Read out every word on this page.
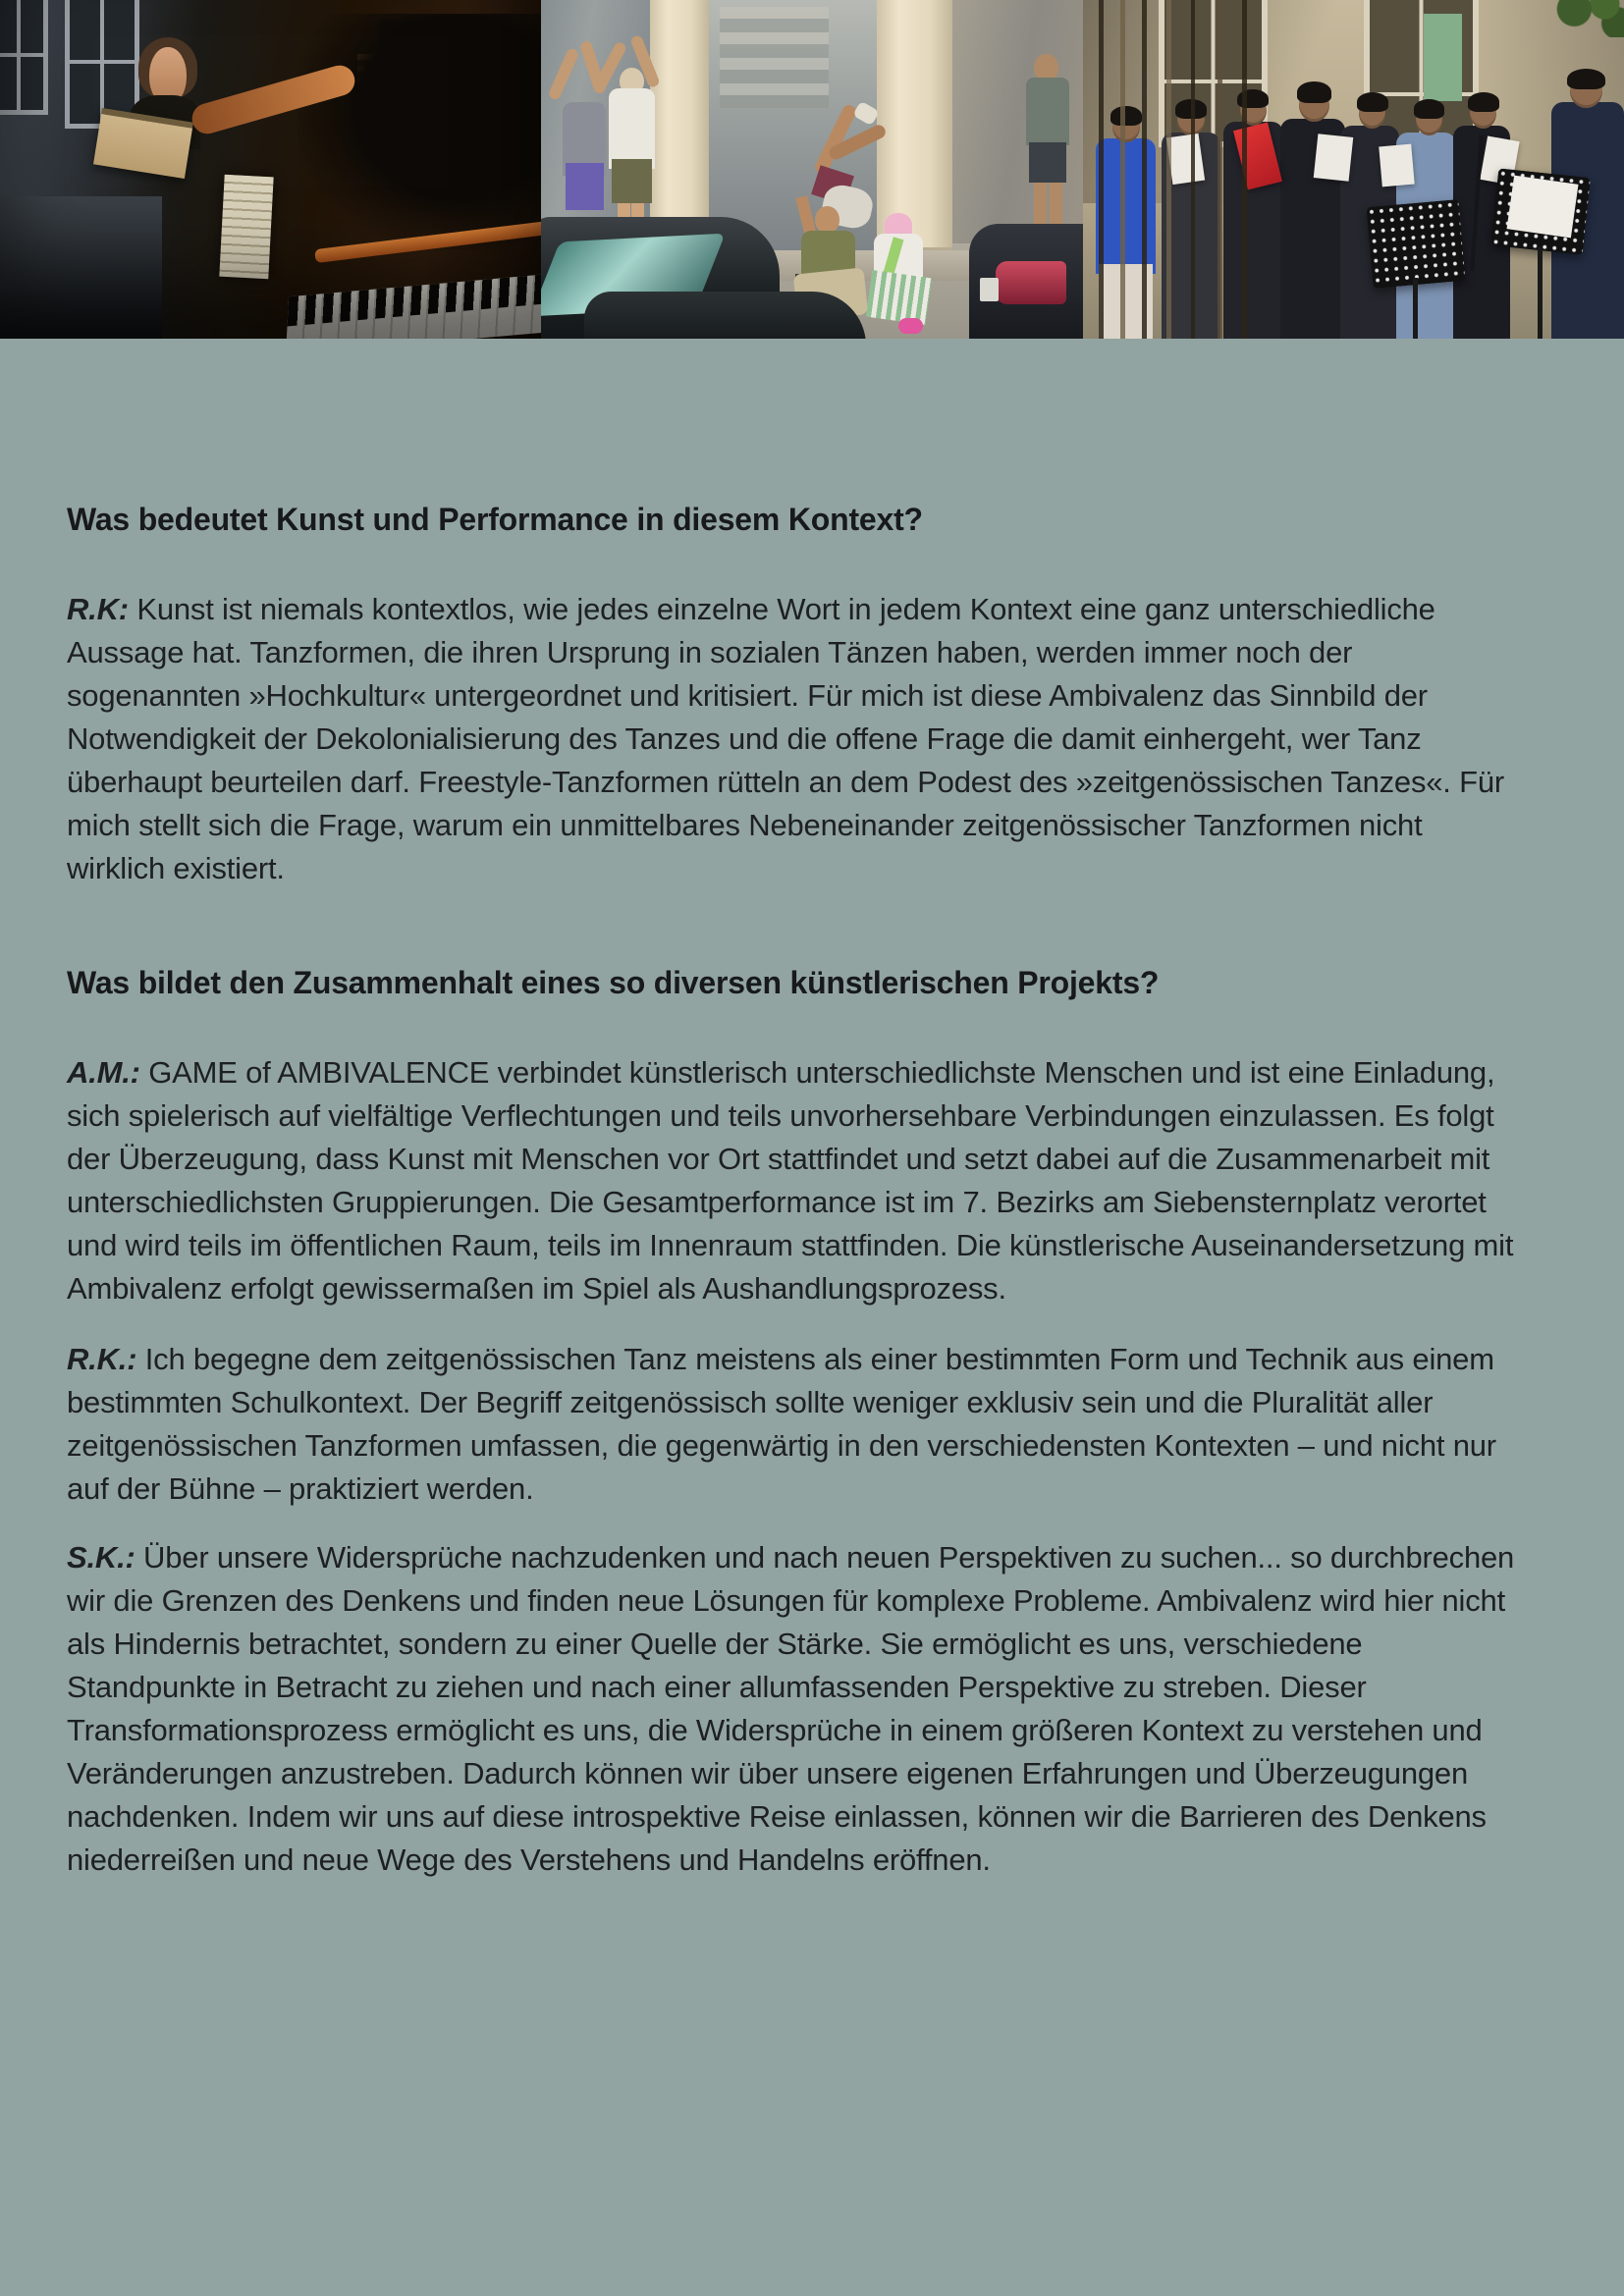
Was bedeutet Kunst und Performance in diesem Kontext?

R.K: Kunst ist niemals kontextlos, wie jedes einzelne Wort in jedem Kontext eine ganz unterschiedliche Aussage hat. Tanzformen, die ihren Ursprung in sozialen Tänzen haben, werden immer noch der sogenannten »Hochkultur« untergeordnet und kritisiert. Für mich ist diese Ambivalenz das Sinnbild der Notwendigkeit der Dekolonialisierung des Tanzes und die offene Frage die damit einhergeht, wer Tanz überhaupt beurteilen darf. Freestyle-Tanzformen rütteln an dem Podest des »zeitgenössischen Tanzes«. Für mich stellt sich die Frage, warum ein unmittelbares Nebeneinander zeitgenössischer Tanzformen nicht wirklich existiert.

Was bildet den Zusammenhalt eines so diversen künstlerischen Projekts?

A.M.: GAME of AMBIVALENCE verbindet künstlerisch unterschiedlichste Menschen und ist eine Einladung, sich spielerisch auf vielfältige Verflechtungen und teils unvorhersehbare Verbindungen einzulassen. Es folgt der Überzeugung, dass Kunst mit Menschen vor Ort stattfindet und setzt dabei auf die Zusammenarbeit mit unterschiedlichsten Gruppierungen. Die Gesamtperformance ist im 7. Bezirks am Siebensternplatz verortet und wird teils im öffentlichen Raum, teils im Innenraum stattfinden. Die künstlerische Auseinandersetzung mit Ambivalenz erfolgt gewissermaßen im Spiel als Aushandlungsprozess.

R.K.: Ich begegne dem zeitgenössischen Tanz meistens als einer bestimmten Form und Technik aus einem bestimmten Schulkontext. Der Begriff zeitgenössisch sollte weniger exklusiv sein und die Pluralität aller zeitgenössischen Tanzformen umfassen, die gegenwärtig in den verschiedensten Kontexten – und nicht nur auf der Bühne – praktiziert werden.

S.K.: Über unsere Widersprüche nachzudenken und nach neuen Perspektiven zu suchen... so durchbrechen wir die Grenzen des Denkens und finden neue Lösungen für komplexe Probleme. Ambivalenz wird hier nicht als Hindernis betrachtet, sondern zu einer Quelle der Stärke. Sie ermöglicht es uns, verschiedene Standpunkte in Betracht zu ziehen und nach einer allumfassenden Perspektive zu streben. Dieser Transformationsprozess ermöglicht es uns, die Widersprüche in einem größeren Kontext zu verstehen und Veränderungen anzustreben. Dadurch können wir über unsere eigenen Erfahrungen und Überzeugungen nachdenken. Indem wir uns auf diese introspektive Reise einlassen, können wir die Barrieren des Denkens niederreißen und neue Wege des Verstehens und Handelns eröffnen.
